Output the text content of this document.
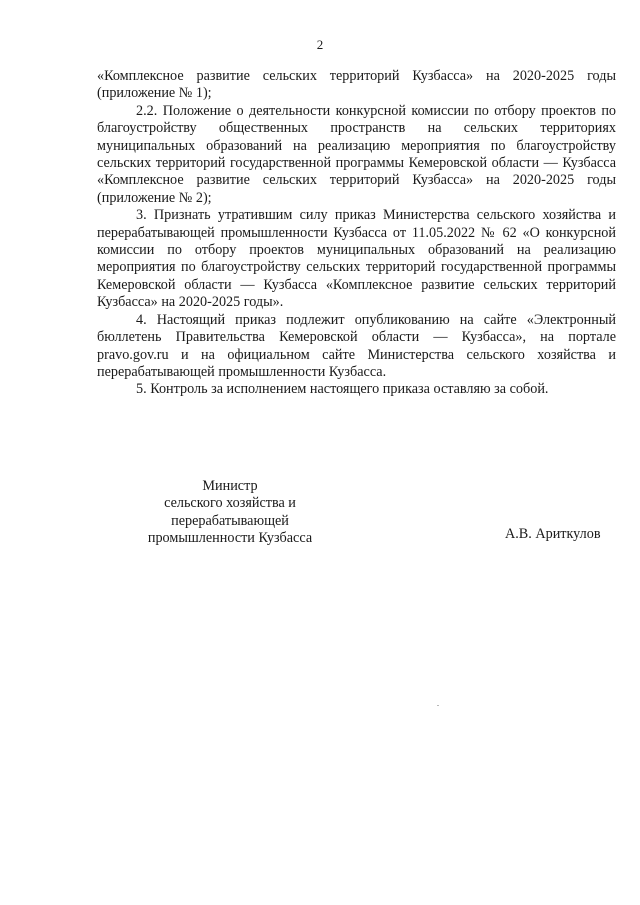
2

«Комплексное развитие сельских территорий Кузбасса» на 2020-2025 годы (приложение № 1);

2.2. Положение о деятельности конкурсной комиссии по отбору проектов по благоустройству общественных пространств на сельских территориях муниципальных образований на реализацию мероприятия по благоустройству сельских территорий государственной программы Кемеровской области — Кузбасса «Комплексное развитие сельских территорий Кузбасса» на 2020-2025 годы (приложение № 2);

3. Признать утратившим силу приказ Министерства сельского хозяйства и перерабатывающей промышленности Кузбасса от 11.05.2022 № 62 «О конкурсной комиссии по отбору проектов муниципальных образований на реализацию мероприятия по благоустройству сельских территорий государственной программы Кемеровской области — Кузбасса «Комплексное развитие сельских территорий Кузбасса» на 2020-2025 годы».

4. Настоящий приказ подлежит опубликованию на сайте «Электронный бюллетень Правительства Кемеровской области — Кузбасса», на портале pravo.gov.ru и на официальном сайте Министерства сельского хозяйства и перерабатывающей промышленности Кузбасса.

5. Контроль за исполнением настоящего приказа оставляю за собой.

Министр
сельского хозяйства и
перерабатывающей
промышленности Кузбасса	А.В. Ариткулов
